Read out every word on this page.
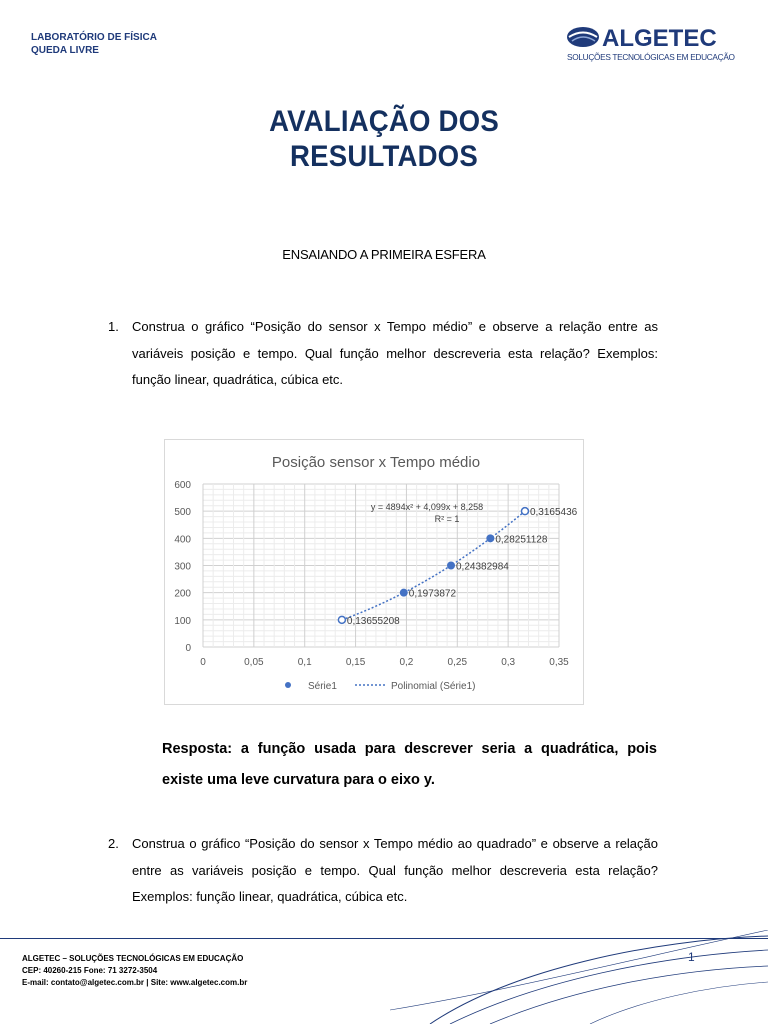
LABORATÓRIO DE FÍSICA
QUEDA LIVRE	ALGETEC
SOLUÇÕES TECNOLÓGICAS EM EDUCAÇÃO
AVALIAÇÃO DOS
RESULTADOS
ENSAIANDO A PRIMEIRA ESFERA
1. Construa o gráfico “Posição do sensor x Tempo médio” e observe a relação entre as variáveis posição e tempo. Qual função melhor descreveria esta relação? Exemplos: função linear, quadrática, cúbica etc.
Posição sensor x Tempo médio
0
100
200
300
400
500
600
0	0,05	0,1	0,15	0,2	0,25	0,3	0,35
0,13655208
0,1973872
0,24382984
0,28251128
0,3165436
y = 4894x² + 4,099x + 8,258
R² = 1
Série1	Polinomial (Série1)
Resposta: a função usada para descrever seria a quadrática, pois existe uma leve curvatura para o eixo y.
2. Construa o gráfico “Posição do sensor x Tempo médio ao quadrado” e observe a relação entre as variáveis posição e tempo. Qual função melhor descreveria esta relação? Exemplos: função linear, quadrática, cúbica etc.
ALGETEC – SOLUÇÕES TECNOLÓGICAS EM EDUCAÇÃO
CEP: 40260-215 Fone: 71 3272-3504
E-mail: contato@algetec.com.br | Site: www.algetec.com.br
1
